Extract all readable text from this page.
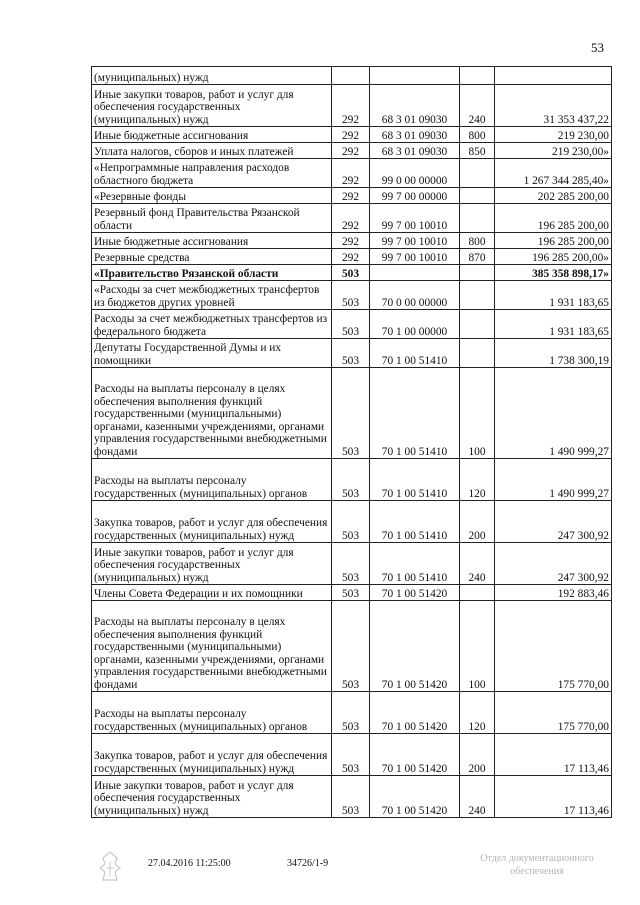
53
(муниципальных) нужд				
Иные закупки товаров, работ и услуг для обеспечения государственных (муниципальных) нужд	292	68 3 01 09030	240	31 353 437,22
Иные бюджетные ассигнования	292	68 3 01 09030	800	219 230,00
Уплата налогов, сборов и иных платежей	292	68 3 01 09030	850	219 230,00»
«Непрограммные направления расходов областного бюджета	292	99 0 00 00000		1 267 344 285,40»
«Резервные фонды	292	99 7 00 00000		202 285 200,00
Резервный фонд Правительства Рязанской области	292	99 7 00 10010		196 285 200,00
Иные бюджетные ассигнования	292	99 7 00 10010	800	196 285 200,00
Резервные средства	292	99 7 00 10010	870	196 285 200,00»
«Правительство Рязанской области	503			385 358 898,17»
«Расходы за счет межбюджетных трансфертов из бюджетов других уровней	503	70 0 00 00000		1 931 183,65
Расходы за счет межбюджетных трансфертов из федерального бюджета	503	70 1 00 00000		1 931 183,65
Депутаты Государственной Думы и их помощники	503	70 1 00 51410		1 738 300,19
Расходы на выплаты персоналу в целях обеспечения выполнения функций государственными (муниципальными) органами, казенными учреждениями, органами управления государственными внебюджетными фондами	503	70 1 00 51410	100	1 490 999,27
Расходы на выплаты персоналу государственных (муниципальных) органов	503	70 1 00 51410	120	1 490 999,27
Закупка товаров, работ и услуг для обеспечения государственных (муниципальных) нужд	503	70 1 00 51410	200	247 300,92
Иные закупки товаров, работ и услуг для обеспечения государственных (муниципальных) нужд	503	70 1 00 51410	240	247 300,92
Члены Совета Федерации и их помощники	503	70 1 00 51420		192 883,46
Расходы на выплаты персоналу в целях обеспечения выполнения функций государственными (муниципальными) органами, казенными учреждениями, органами управления государственными внебюджетными фондами	503	70 1 00 51420	100	175 770,00
Расходы на выплаты персоналу государственных (муниципальных) органов	503	70 1 00 51420	120	175 770,00
Закупка товаров, работ и услуг для обеспечения государственных (муниципальных) нужд	503	70 1 00 51420	200	17 113,46
Иные закупки товаров, работ и услуг для обеспечения государственных (муниципальных) нужд	503	70 1 00 51420	240	17 113,46
27.04.2016 11:25:00	34726/1-9	Отдел документационного
обеспечения
